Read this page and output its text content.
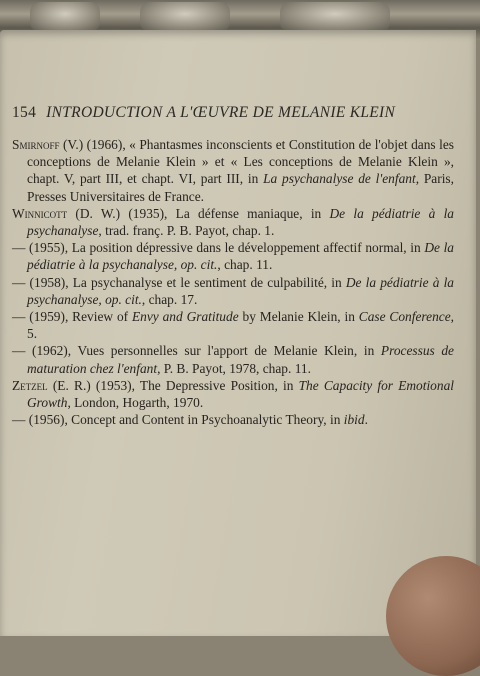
154 INTRODUCTION A L'ŒUVRE DE MELANIE KLEIN

Smirnoff (V.) (1966), « Phantasmes inconscients et Constitution de l'objet dans les conceptions de Melanie Klein » et « Les conceptions de Melanie Klein », chapt. V, part III, et chapt. VI, part III, in La psychanalyse de l'enfant, Paris, Presses Universitaires de France.

Winnicott (D. W.) (1935), La défense maniaque, in De la pédiatrie à la psychanalyse, trad. franç. P. B. Payot, chap. 1.

— (1955), La position dépressive dans le développement affectif normal, in De la pédiatrie à la psychanalyse, op. cit., chap. 11.

— (1958), La psychanalyse et le sentiment de culpabilité, in De la pédiatrie à la psychanalyse, op. cit., chap. 17.

— (1959), Review of Envy and Gratitude by Melanie Klein, in Case Conference, 5.

— (1962), Vues personnelles sur l'apport de Melanie Klein, in Processus de maturation chez l'enfant, P. B. Payot, 1978, chap. 11.

Zetzel (E. R.) (1953), The Depressive Position, in The Capacity for Emotional Growth, London, Hogarth, 1970.

— (1956), Concept and Content in Psychoanalytic Theory, in ibid.
